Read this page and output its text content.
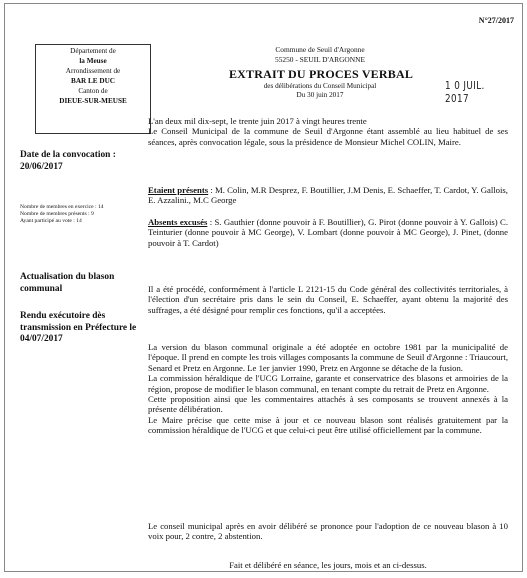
N°27/2017
Département de
la Meuse
Arrondissement de
BAR LE DUC
Canton de
DIEUE-SUR-MEUSE
Commune de Seuil d'Argonne
55250 - SEUIL D'ARGONNE
EXTRAIT DU PROCES VERBAL
des délibérations du Conseil Municipal
Du 30 juin 2017
1 0 JUIL. 2017
L'an deux mil dix-sept, le trente juin 2017 à vingt heures trente
Le Conseil Municipal de la commune de Seuil d'Argonne étant assemblé au lieu habituel de ses séances, après convocation légale, sous la présidence de Monsieur Michel COLIN, Maire.
Date de la convocation :
20/06/2017
Nombre de membres en exercice : 14
Nombre de membres présents : 9
Ayant participé au vote : 14
Etaient présents : M. Colin, M.R Desprez, F. Boutillier, J.M Denis, E. Schaeffer, T. Cardot, Y. Gallois, E. Azzalini., M.C George
Absents excusés : S. Gauthier (donne pouvoir à F. Boutillier), G. Pirot (donne pouvoir à Y. Gallois) C. Teinturier (donne pouvoir à MC George), V. Lombart (donne pouvoir à MC George), J. Pinet, (donne pouvoir à T. Cardot)
Actualisation du blason communal
Rendu exécutoire dès transmission en Préfecture le 04/07/2017
Il a été procédé, conformément à l'article L 2121-15 du Code général des collectivités territoriales, à l'élection d'un secrétaire pris dans le sein du Conseil, E. Schaeffer, ayant obtenu la majorité des suffrages, a été désigné pour remplir ces fonctions, qu'il a acceptées.
La version du blason communal originale a été adoptée en octobre 1981 par la municipalité de l'époque. Il prend en compte les trois villages composants la commune de Seuil d'Argonne : Triaucourt, Senard et Pretz en Argonne. Le 1er janvier 1990, Pretz en Argonne se détache de la fusion.
La commission héraldique de l'UCG Lorraine, garante et conservatrice des blasons et armoiries de la région, propose de modifier le blason communal, en tenant compte du retrait de Pretz en Argonne.
Cette proposition ainsi que les commentaires attachés à ses composants se trouvent annexés à la présente délibération.
Le Maire précise que cette mise à jour et ce nouveau blason sont réalisés gratuitement par la commission héraldique de l'UCG et que celui-ci peut être utilisé officiellement par la commune.
Le conseil municipal après en avoir délibéré se prononce pour l'adoption de ce nouveau blason à 10 voix pour, 2 contre, 2 abstention.
Fait et délibéré en séance, les jours, mois et an ci-dessus.
